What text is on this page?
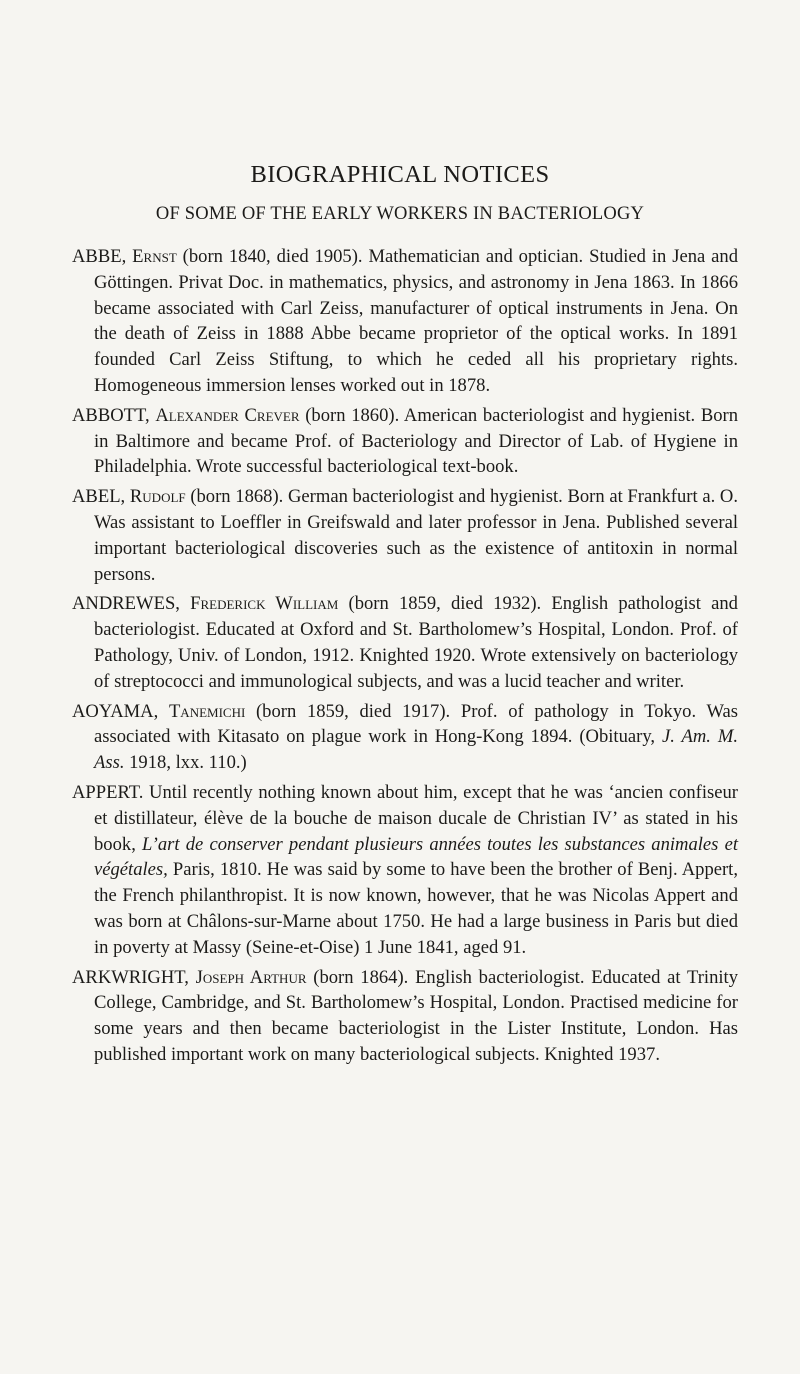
BIOGRAPHICAL NOTICES
OF SOME OF THE EARLY WORKERS IN BACTERIOLOGY

ABBE, Ernst (born 1840, died 1905). Mathematician and optician. Studied in Jena and Göttingen. Privat Doc. in mathematics, physics, and astronomy in Jena 1863. In 1866 became associated with Carl Zeiss, manufacturer of optical instruments in Jena. On the death of Zeiss in 1888 Abbe became proprietor of the optical works. In 1891 founded Carl Zeiss Stiftung, to which he ceded all his proprietary rights. Homogeneous immersion lenses worked out in 1878.

ABBOTT, Alexander Crever (born 1860). American bacteriologist and hygienist. Born in Baltimore and became Prof. of Bacteriology and Director of Lab. of Hygiene in Philadelphia. Wrote successful bacteriological text-book.

ABEL, Rudolf (born 1868). German bacteriologist and hygienist. Born at Frankfurt a. O. Was assistant to Loeffler in Greifswald and later professor in Jena. Published several important bacteriological discoveries such as the existence of antitoxin in normal persons.

ANDREWES, Frederick William (born 1859, died 1932). English pathologist and bacteriologist. Educated at Oxford and St. Bartholomew’s Hospital, London. Prof. of Pathology, Univ. of London, 1912. Knighted 1920. Wrote extensively on bacteriology of streptococci and immunological subjects, and was a lucid teacher and writer.

AOYAMA, Tanemichi (born 1859, died 1917). Prof. of pathology in Tokyo. Was associated with Kitasato on plague work in Hong-Kong 1894. (Obituary, J. Am. M. Ass. 1918, lxx. 110.)

APPERT. Until recently nothing known about him, except that he was ‘ancien confiseur et distillateur, élève de la bouche de maison ducale de Christian IV’ as stated in his book, L’art de conserver pendant plusieurs années toutes les substances animales et végétales, Paris, 1810. He was said by some to have been the brother of Benj. Appert, the French philanthropist. It is now known, however, that he was Nicolas Appert and was born at Châlons-sur-Marne about 1750. He had a large business in Paris but died in poverty at Massy (Seine-et-Oise) 1 June 1841, aged 91.

ARKWRIGHT, Joseph Arthur (born 1864). English bacteriologist. Educated at Trinity College, Cambridge, and St. Bartholomew’s Hospital, London. Practised medicine for some years and then became bacteriologist in the Lister Institute, London. Has published important work on many bacteriological subjects. Knighted 1937.
